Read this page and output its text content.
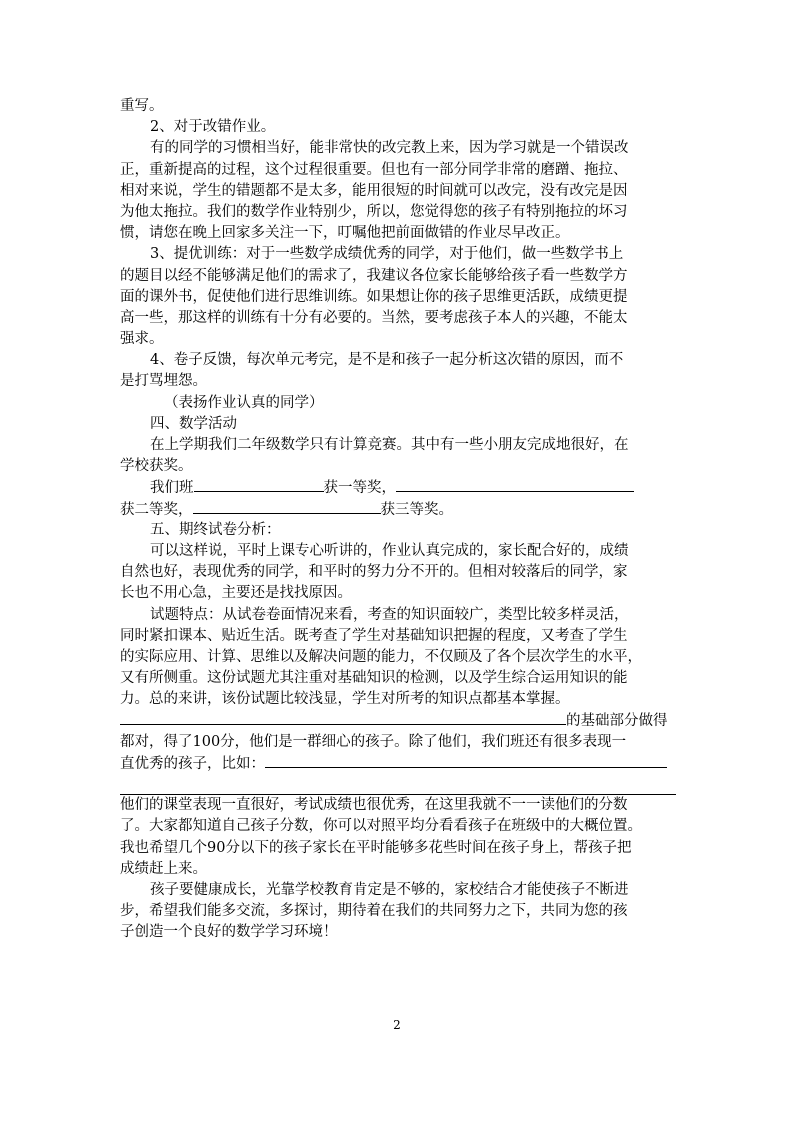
重写。
2、对于改错作业。
有的同学的习惯相当好，能非常快的改完教上来，因为学习就是一个错误改
正，重新提高的过程，这个过程很重要。但也有一部分同学非常的磨蹭、拖拉、
相对来说，学生的错题都不是太多，能用很短的时间就可以改完，没有改完是因
为他太拖拉。我们的数学作业特别少，所以，您觉得您的孩子有特别拖拉的坏习
惯，请您在晚上回家多关注一下，叮嘱他把前面做错的作业尽早改正。
3、提优训练：对于一些数学成绩优秀的同学，对于他们，做一些数学书上
的题目以经不能够满足他们的需求了，我建议各位家长能够给孩子看一些数学方
面的课外书，促使他们进行思维训练。如果想让你的孩子思维更活跃，成绩更提
高一些，那这样的训练有十分有必要的。当然，要考虑孩子本人的兴趣，不能太
强求。
4、卷子反馈，每次单元考完，是不是和孩子一起分析这次错的原因，而不
是打骂埋怨。
（表扬作业认真的同学）
四、数学活动
在上学期我们二年级数学只有计算竞赛。其中有一些小朋友完成地很好，在
学校获奖。
我们班	获一等奖，
获二等奖，	获三等奖。
五、期终试卷分析：
可以这样说，平时上课专心听讲的，作业认真完成的，家长配合好的，成绩
自然也好，表现优秀的同学，和平时的努力分不开的。但相对较落后的同学，家
长也不用心急，主要还是找找原因。
试题特点：从试卷卷面情况来看，考查的知识面较广，类型比较多样灵活，
同时紧扣课本、贴近生活。既考查了学生对基础知识把握的程度，又考查了学生
的实际应用、计算、思维以及解决问题的能力，不仅顾及了各个层次学生的水平，
又有所侧重。这份试题尤其注重对基础知识的检测，以及学生综合运用知识的能
力。总的来讲，该份试题比较浅显，学生对所考的知识点都基本掌握。
的基础部分做得
都对，得了100分，他们是一群细心的孩子。除了他们，我们班还有很多表现一
直优秀的孩子，比如：
他们的课堂表现一直很好，考试成绩也很优秀，在这里我就不一一读他们的分数
了。大家都知道自己孩子分数，你可以对照平均分看看孩子在班级中的大概位置。
我也希望几个90分以下的孩子家长在平时能够多花些时间在孩子身上，帮孩子把
成绩赶上来。
孩子要健康成长，光靠学校教育肯定是不够的，家校结合才能使孩子不断进
步，希望我们能多交流，多探讨，期待着在我们的共同努力之下，共同为您的孩
子创造一个良好的数学学习环境！
2
